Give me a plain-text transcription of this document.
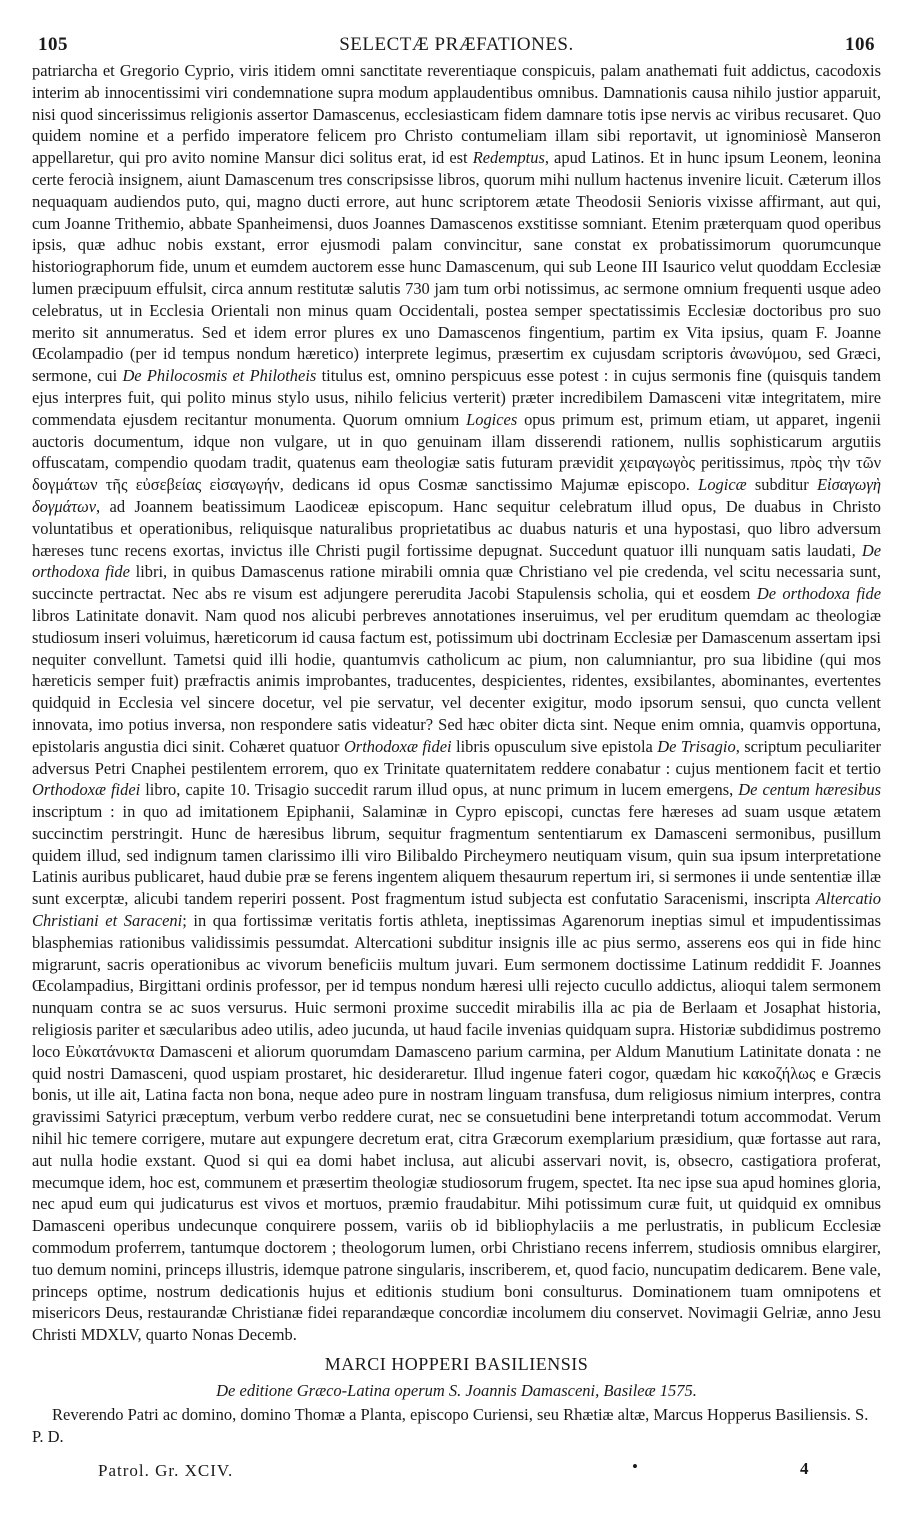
105	SELECTÆ PRÆFATIONES.	106

patriarcha et Gregorio Cyprio, viris itidem omni sanctitate reverentiaque conspicuis, palam anathemati fuit addictus, cacodoxis interim ab innocentissimi viri condemnatione supra modum applaudentibus omnibus. Damnationis causa nihilo justior apparuit, nisi quod sincerissimus religionis assertor Damascenus, ecclesiasticam fidem damnare totis ipse nervis ac viribus recusaret. Quo quidem nomine et a perfido imperatore felicem pro Christo contumeliam illam sibi reportavit, ut ignominiosè Manseron appellaretur, qui pro avito nomine Mansur dici solitus erat, id est Redemptus, apud Latinos. Et in hunc ipsum Leonem, leonina certe ferocià insignem, aiunt Damascenum tres conscripsisse libros, quorum mihi nullum hactenus invenire licuit. Cæterum illos nequaquam audiendos puto, qui, magno ducti errore, aut hunc scriptorem ætate Theodosii Senioris vixisse affirmant, aut qui, cum Joanne Trithemio, abbate Spanheimensi, duos Joannes Damascenos exstitisse somniant. Etenim præterquam quod operibus ipsis, quæ adhuc nobis exstant, error ejusmodi palam convincitur, sane constat ex probatissimorum quorumcunque historiographorum fide, unum et eumdem auctorem esse hunc Damascenum, qui sub Leone III Isaurico velut quoddam Ecclesiæ lumen præcipuum effulsit, circa annum restitutæ salutis 730 jam tum orbi notissimus, ac sermone omnium frequenti usque adeo celebratus, ut in Ecclesia Orientali non minus quam Occidentali, postea semper spectatissimis Ecclesiæ doctoribus pro suo merito sit annumeratus. Sed et idem error plures ex uno Damascenos fingentium, partim ex Vita ipsius, quam F. Joanne Œcolampadio (per id tempus nondum hæretico) interprete legimus, præsertim ex cujusdam scriptoris ἀνωνύμου, sed Græci, sermone, cui De Philocosmis et Philotheis titulus est, omnino perspicuus esse potest : in cujus sermonis fine (quisquis tandem ejus interpres fuit, qui polito minus stylo usus, nihilo felicius verterit) præter incredibilem Damasceni vitæ integritatem, mire commendata ejusdem recitantur monumenta. Quorum omnium Logices opus primum est, primum etiam, ut apparet, ingenii auctoris documentum, idque non vulgare, ut in quo genuinam illam disserendi rationem, nullis sophisticarum argutiis offuscatam, compendio quodam tradit, quatenus eam theologiæ satis futuram prævidit χειραγωγὸς peritissimus, πρὸς τὴν τῶν δογμάτων τῆς εὐσεβείας εἰσαγωγήν, dedicans id opus Cosmæ sanctissimo Majumæ episcopo. Logicæ subditur Εἰσαγωγὴ δογμάτων, ad Joannem beatissimum Laodiceæ episcopum. Hanc sequitur celebratum illud opus, De duabus in Christo voluntatibus et operationibus, reliquisque naturalibus proprietatibus ac duabus naturis et una hypostasi, quo libro adversum hæreses tunc recens exortas, invictus ille Christi pugil fortissime depugnat. Succedunt quatuor illi nunquam satis laudati, De orthodoxa fide libri, in quibus Damascenus ratione mirabili omnia quæ Christiano vel pie credenda, vel scitu necessaria sunt, succincte pertractat. Nec abs re visum est adjungere pereruditа Jacobi Stapulensis scholia, qui et eosdem De orthodoxa fide libros Latinitate donavit. Nam quod nos alicubi perbreves annotationes inseruimus, vel per eruditum quemdam ac theologiæ studiosum inseri voluimus, hæreticorum id causa factum est, potissimum ubi doctrinam Ecclesiæ per Damascenum assertam ipsi nequiter convellunt. Tametsi quid illi hodie, quantumvis catholicum ac pium, non calumniantur, pro sua libidine (qui mos hæreticis semper fuit) præfractis animis improbantes, traducentes, despicientes, ridentes, exsibilantes, abominantes, evertentes quidquid in Ecclesia vel sincere docetur, vel pie servatur, vel decenter exigitur, modo ipsorum sensui, quo cuncta vellent innovata, imo potius inversa, non respondere satis videatur? Sed hæc obiter dicta sint. Neque enim omnia, quamvis opportuna, epistolaris angustia dici sinit. Cohæret quatuor Orthodoxæ fidei libris opusculum sive epistola De Trisagio, scriptum peculiariter adversus Petri Cnaphei pestilentem errorem, quo ex Trinitate quaternitatem reddere conabatur : cujus mentionem facit et tertio Orthodoxæ fidei libro, capite 10. Trisagio succedit rarum illud opus, at nunc primum in lucem emergens, De centum hæresibus inscriptum : in quo ad imitationem Epiphanii, Salaminæ in Cypro episcopi, cunctas fere hæreses ad suam usque ætatem succinctim perstringit. Hunc de hæresibus librum, sequitur fragmentum sententiarum ex Damasceni sermonibus, pusillum quidem illud, sed indignum tamen clarissimo illi viro Bilibaldo Pircheymero neutiquam visum, quin sua ipsum interpretatione Latinis auribus publicaret, haud dubie præ se ferens ingentem aliquem thesaurum repertum iri, si sermones ii unde sententiæ illæ sunt excerptæ, alicubi tandem reperiri possent. Post fragmentum istud subjecta est confutatio Saracenismi, inscripta Altercatio Christiani et Saraceni; in qua fortissimæ veritatis fortis athleta, ineptissimas Agarenorum ineptias simul et impudentissimas blasphemias rationibus validissimis pessumdat. Altercationi subditur insignis ille ac pius sermo, asserens eos qui in fide hinc migrarunt, sacris operationibus ac vivorum beneficiis multum juvari. Eum sermonem doctissime Latinum reddidit F. Joannes Œcolampadius, Birgittani ordinis professor, per id tempus nondum hæresi ulli rejecto cucullo addictus, alioqui talem sermonem nunquam contra se ac suos versurus. Huic sermoni proxime succedit mirabilis illa ac pia de Berlaam et Josaphat historia, religiosis pariter et sæcularibus adeo utilis, adeo jucunda, ut haud facile invenias quidquam supra. Historiæ subdidimus postremo loco Εὐκατάνυκτα Damasceni et aliorum quorumdam Damasceno parium carmina, per Aldum Manutium Latinitate donata : ne quid nostri Damasceni, quod uspiam prostaret, hic desideraretur. Illud ingenue fateri cogor, quædam hic κακοζήλως e Græcis bonis, ut ille ait, Latina facta non bona, neque adeo pure in nostram linguam transfusa, dum religiosus nimium interpres, contra gravissimi Satyrici præceptum, verbum verbo reddere curat, nec se consuetudini bene interpretandi totum accommodat. Verum nihil hic temere corrigere, mutare aut expungere decretum erat, citra Græcorum exemplarium præsidium, quæ fortasse aut rara, aut nulla hodie exstant. Quod si qui ea domi habet inclusa, aut alicubi asservari novit, is, obsecro, castigatiora proferat, mecumque idem, hoc est, communem et præsertim theologiæ studiosorum frugem, spectet. Ita nec ipse sua apud homines gloria, nec apud eum qui judicaturus est vivos et mortuos, præmio fraudabitur. Mihi potissimum curæ fuit, ut quidquid ex omnibus Damasceni operibus undecunque conquirere possem, variis ob id bibliophylaciis a me perlustratis, in publicum Ecclesiæ commodum proferrem, tantumque doctorem ; theologorum lumen, orbi Christiano recens inferrem, studiosis omnibus elargirer, tuo demum nomini, princeps illustris, idemque patrone singularis, inscriberem, et, quod facio, nuncupatim dedicarem. Bene vale, princeps optime, nostrum dedicationis hujus et editionis studium boni consulturus. Dominationem tuam omnipotens et misericors Deus, restaurandæ Christianæ fidei reparandæque concordiæ incolumem diu conservet. Novimagii Gelriæ, anno Jesu Christi MDXLV, quarto Nonas Decemb.

MARCI HOPPERI BASILIENSIS
De editione Græco-Latina operum S. Joannis Damasceni, Basileæ 1575.

Reverendo Patri ac domino, domino Thomæ a Planta, episcopo Curiensi, seu Rhætiæ altæ, Marcus Hopperus Basiliensis. S. P. D.

Patrol. Gr. XCIV.	•	4
